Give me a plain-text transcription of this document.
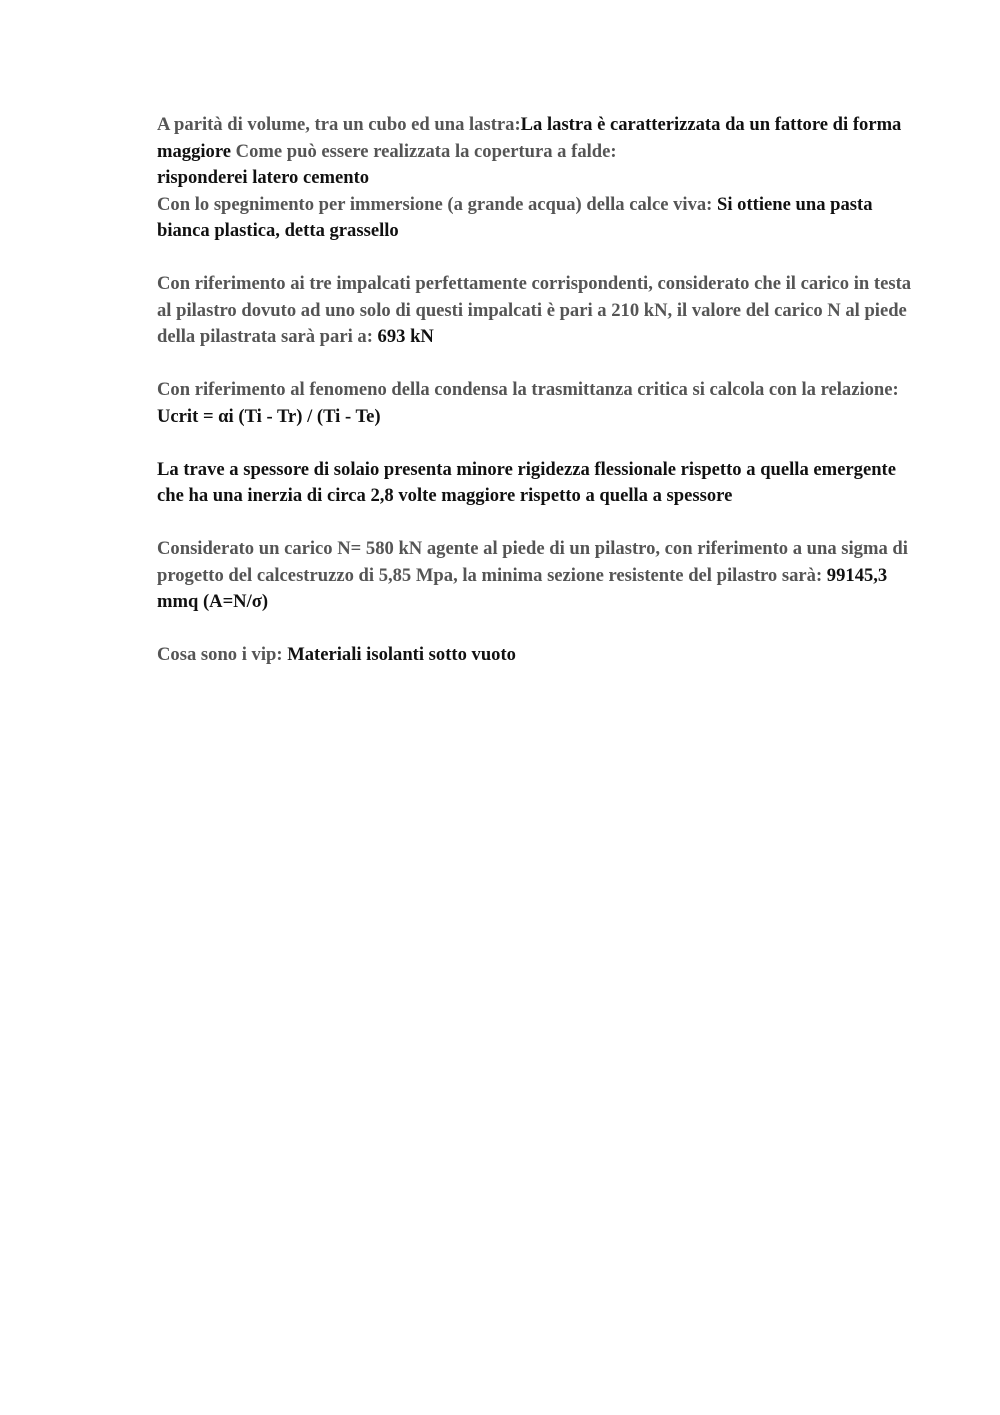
A parità di volume, tra un cubo ed una lastra:La lastra è caratterizzata da un fattore di forma maggiore Come può essere realizzata la copertura a falde:
risponderei latero cemento

Con lo spegnimento per immersione (a grande acqua) della calce viva: Si ottiene una pasta bianca plastica, detta grassello

Con riferimento ai tre impalcati perfettamente corrispondenti, considerato che il carico in testa al pilastro dovuto ad uno solo di questi impalcati è pari a 210 kN, il valore del carico N al piede della pilastrata sarà pari a: 693 kN

Con riferimento al fenomeno della condensa la trasmittanza critica si calcola con la relazione: Ucrit = αi (Ti - Tr) / (Ti - Te)

La trave a spessore di solaio presenta minore rigidezza flessionale rispetto a quella emergente che ha una inerzia di circa 2,8 volte maggiore rispetto a quella a spessore

Considerato un carico N= 580 kN agente al piede di un pilastro, con riferimento a una sigma di progetto del calcestruzzo di 5,85 Mpa, la minima sezione resistente del pilastro sarà: 99145,3 mmq (A=N/σ)

Cosa sono i vip: Materiali isolanti sotto vuoto
